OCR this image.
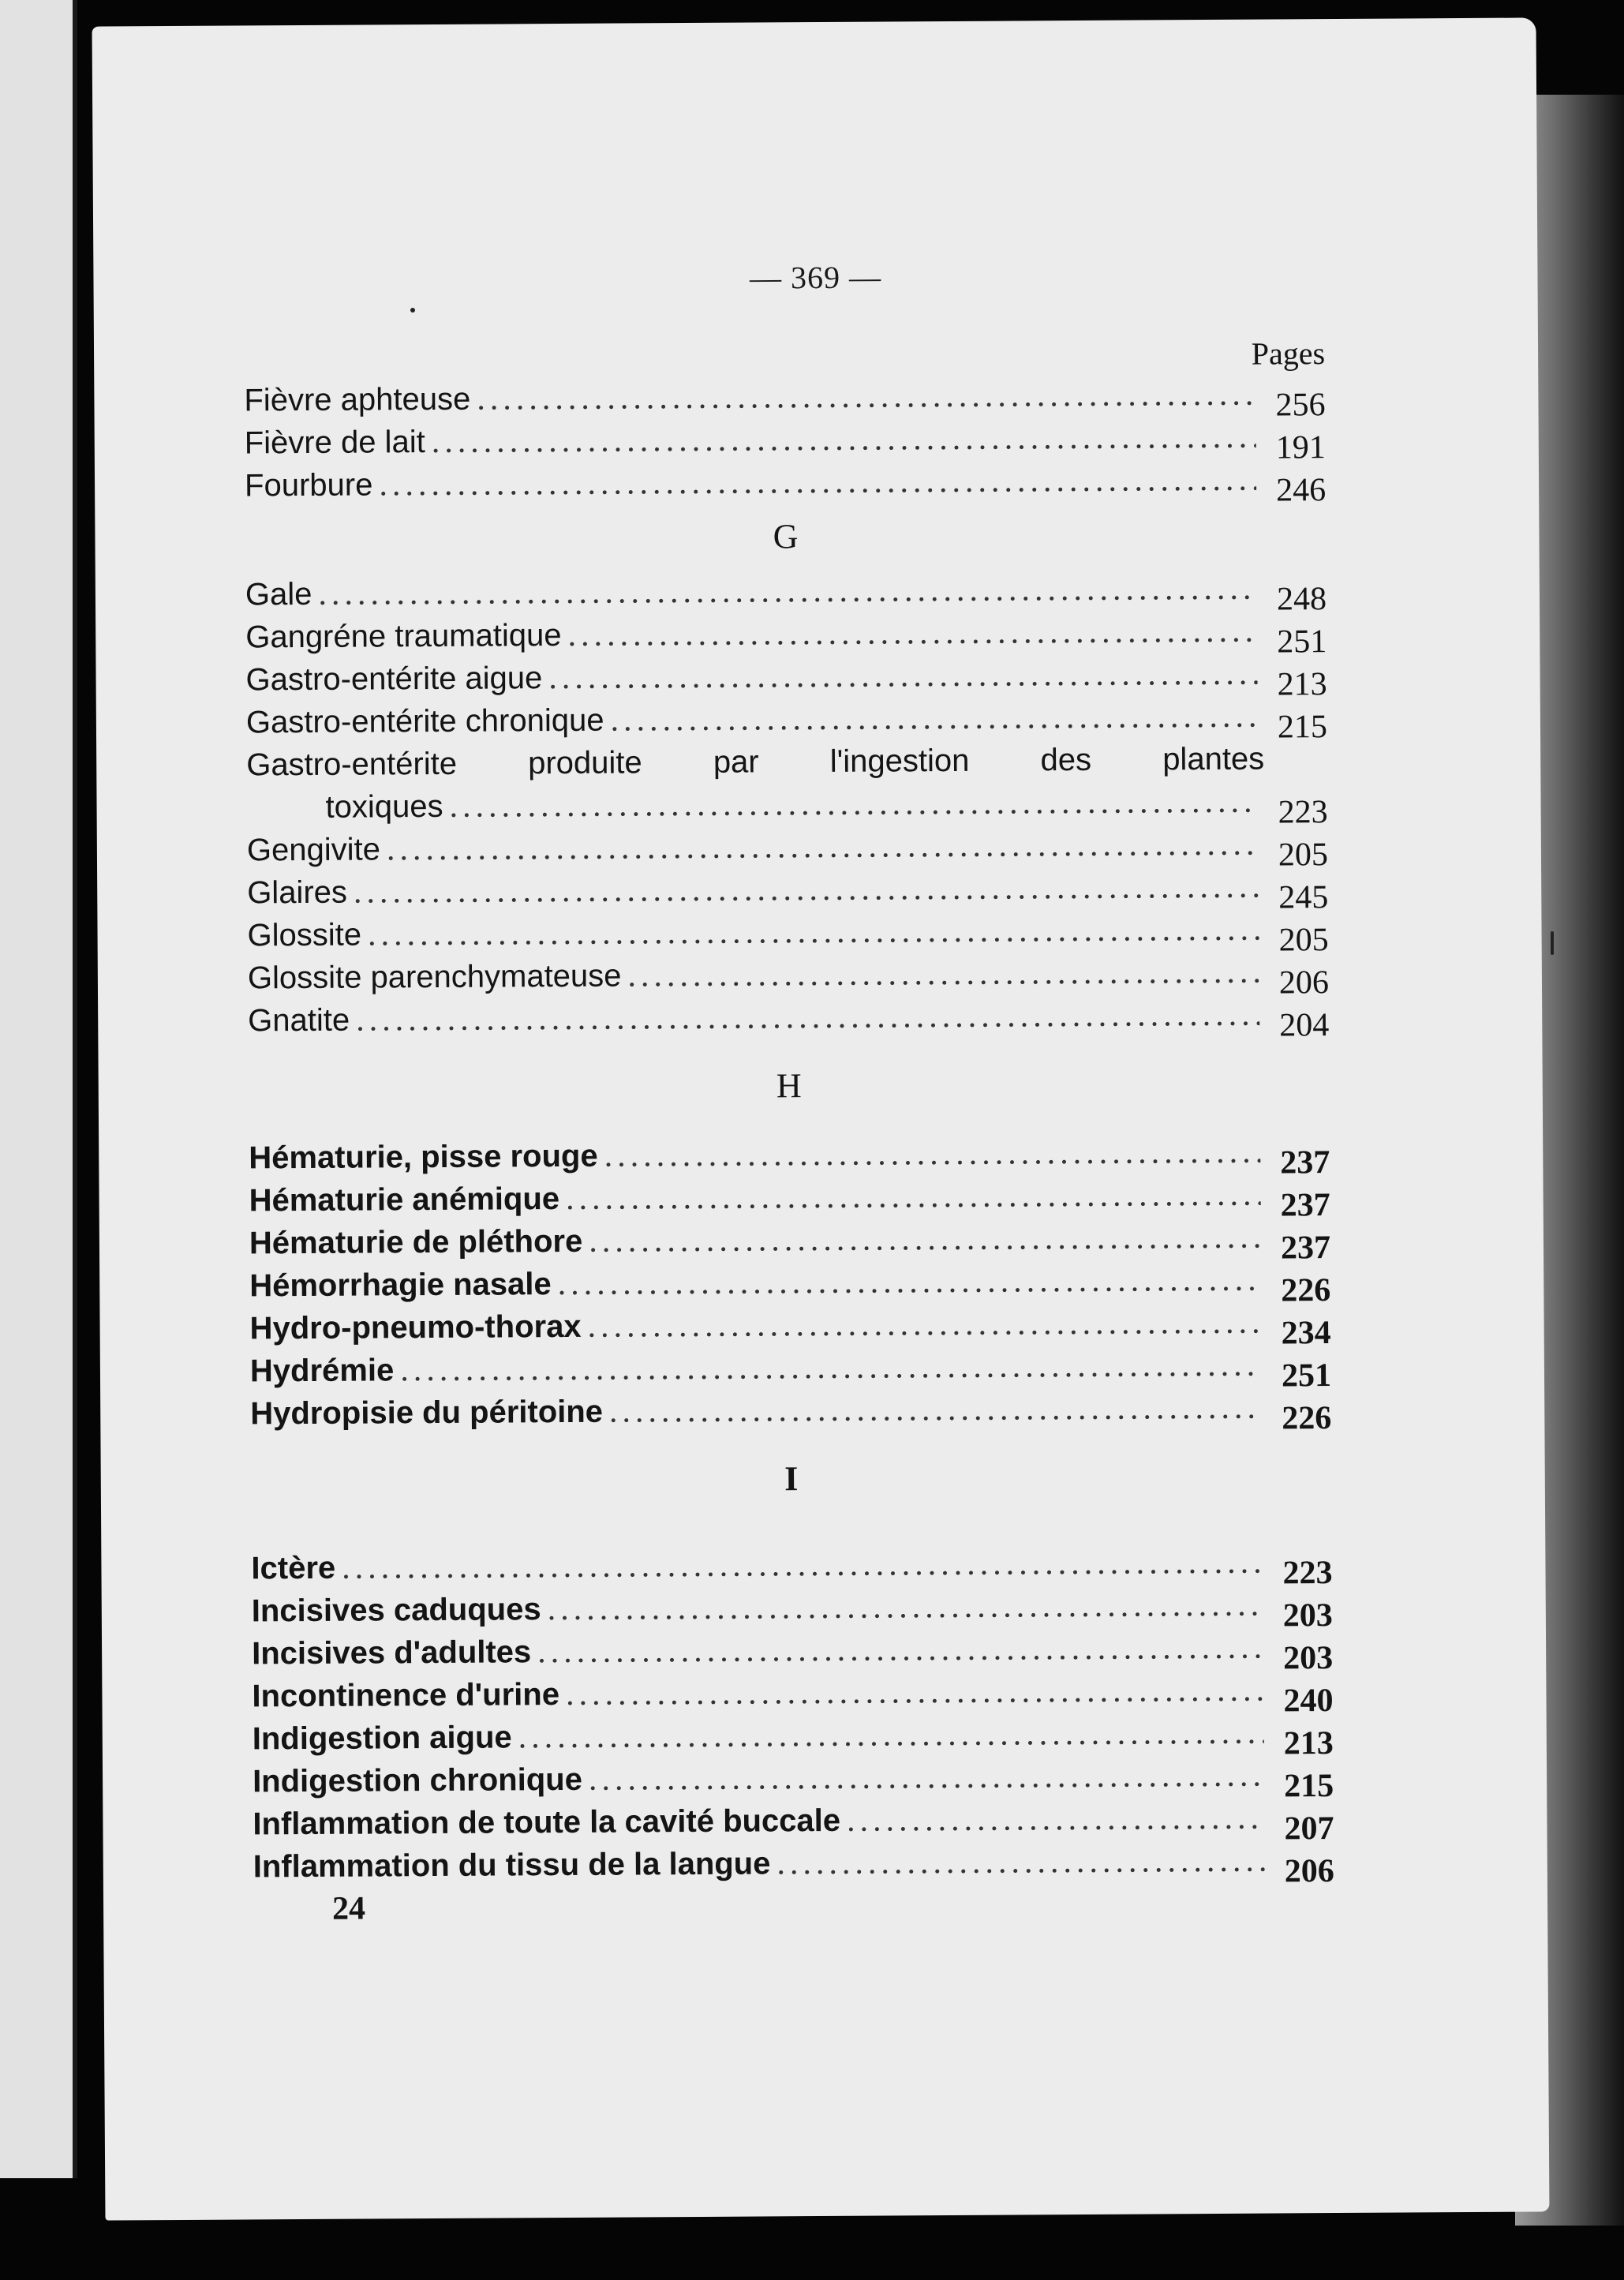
— 369 —
Pages
Fièvre aphteuse .....	256
Fièvre de lait .....	191
Fourbure .....	246
G
Gale .....	248
Gangréne traumatique .....	251
Gastro-entérite aigue .....	213
Gastro-entérite chronique .....	215
Gastro-entérite produite par l'ingestion des plantes
toxiques .....	223
Gengivite .....	205
Glaires .....	245
Glossite .....	205
Glossite parenchymateuse .....	206
Gnatite .....	204
H
Hématurie, pisse rouge .....	237
Hématurie anémique .....	237
Hématurie de pléthore .....	237
Hémorrhagie nasale .....	226
Hydro-pneumo-thorax .....	234
Hydrémie .....	251
Hydropisie du péritoine .....	226
I
Ictère .....	223
Incisives caduques .....	203
Incisives d'adultes .....	203
Incontinence d'urine .....	240
Indigestion aigue .....	213
Indigestion chronique .....	215
Inflammation de toute la cavité buccale .....	207
Inflammation du tissu de la langue .....	206
24
